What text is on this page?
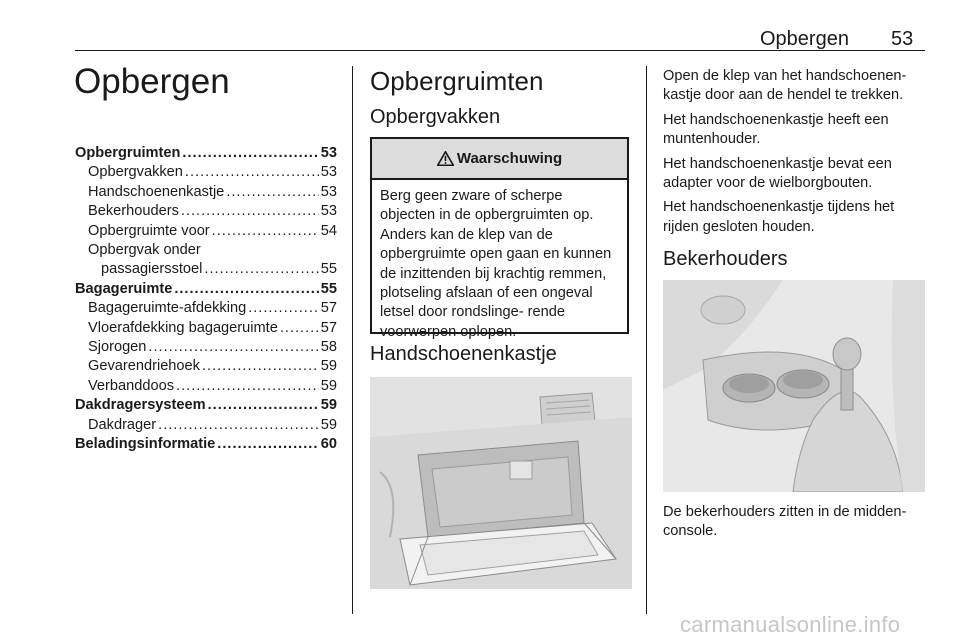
Opbergen 53
Opbergen
Opbergruimten .....	53
Opbergvakken .....	53
Handschoenenkastje .....	53
Bekerhouders .....	53
Opbergruimte voor .....	54
Opbergvak onder
passagiersstoel .....	55
Bagageruimte .....	55
Bagageruimte-afdekking .....	57
Vloerafdekking bagageruimte .....	57
Sjorogen .....	58
Gevarendriehoek .....	59
Verbanddoos .....	59
Dakdragersysteem .....	59
Dakdrager .....	59
Beladingsinformatie .....	60
Opbergruimten
Opbergvakken
Waarschuwing
Berg geen zware of scherpe objecten in de opbergruimten op. Anders kan de klep van de opbergruimte open gaan en kunnen de inzittenden bij krachtig remmen, plotseling afslaan of een ongeval letsel door rondslinge- rende voorwerpen oplopen.
Handschoenenkastje

Open de klep van het handschoenen- kastje door aan de hendel te trekken.

Het handschoenenkastje heeft een muntenhouder.

Het handschoenenkastje bevat een adapter voor de wielborgbouten.

Het handschoenenkastje tijdens het rijden gesloten houden.

Bekerhouders
De bekerhouders zitten in de midden- console.
carmanualsonline.info
